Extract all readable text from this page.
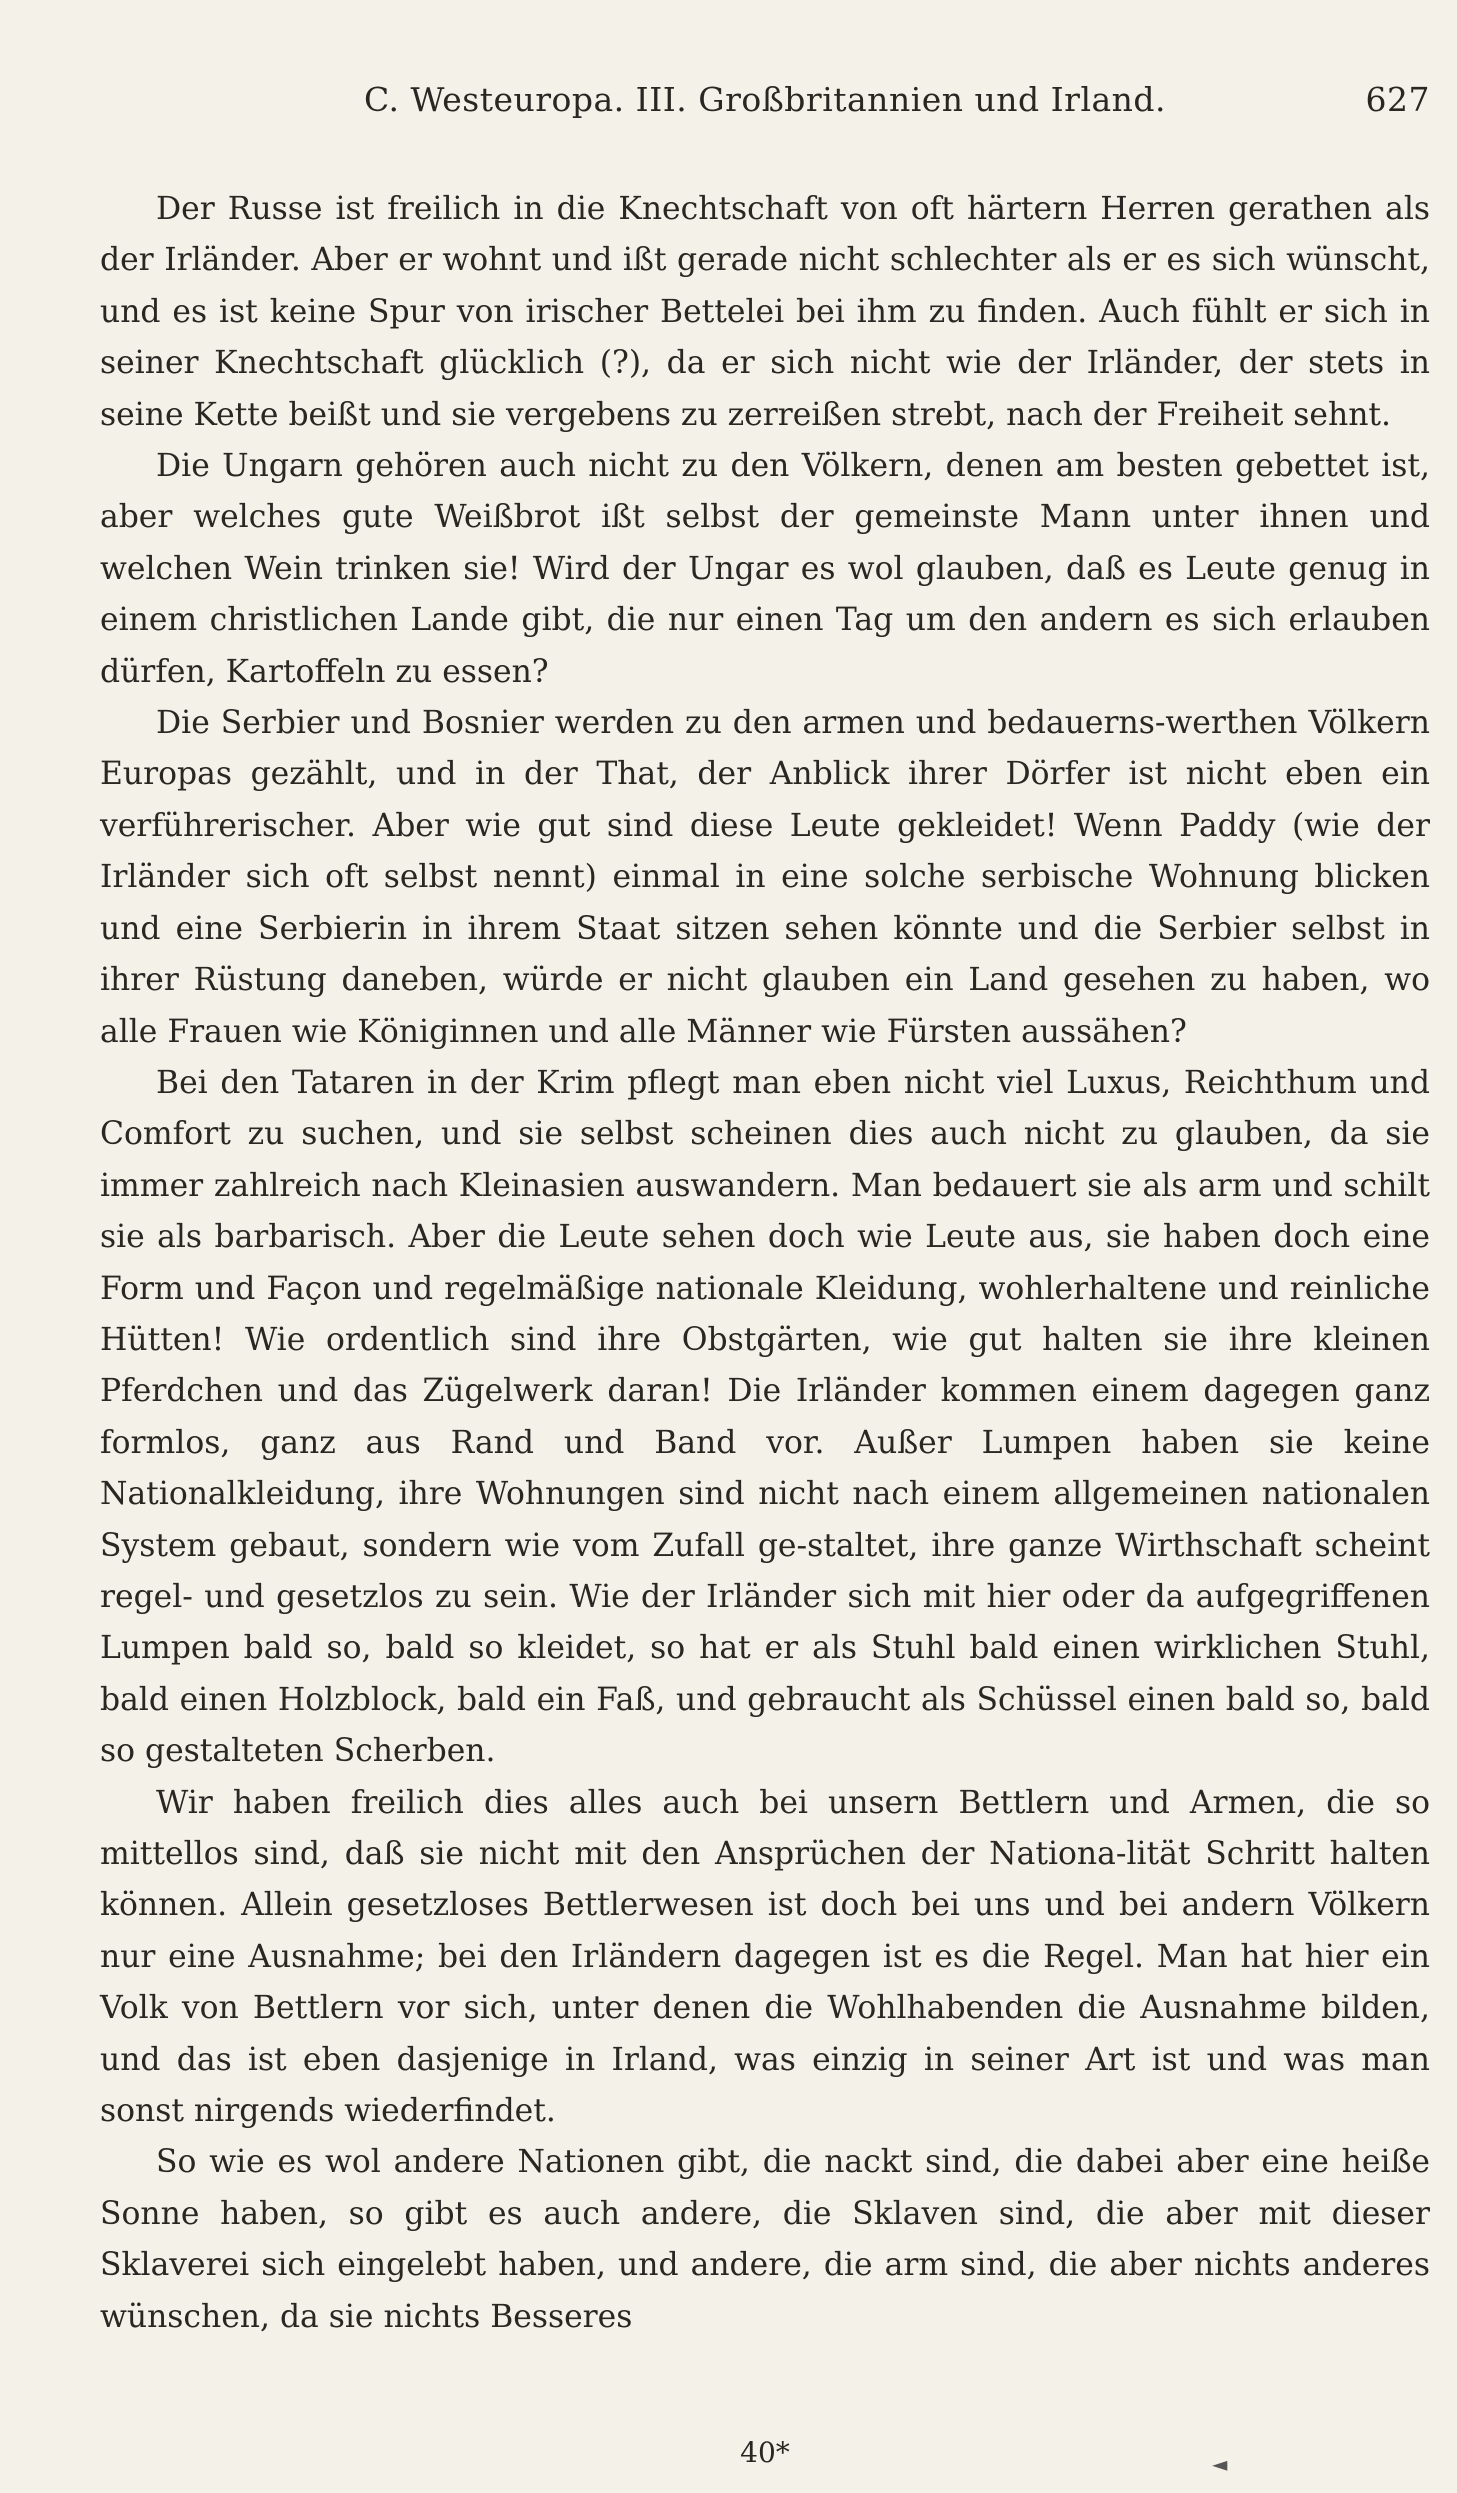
C. Westeuropa. III. Großbritannien und Irland.	627

Der Russe ist freilich in die Knechtschaft von oft härtern Herren gerathen als der Irländer. Aber er wohnt und ißt gerade nicht schlechter als er es sich wünscht, und es ist keine Spur von irischer Bettelei bei ihm zu finden. Auch fühlt er sich in seiner Knechtschaft glücklich (?), da er sich nicht wie der Irländer, der stets in seine Kette beißt und sie vergebens zu zerreißen strebt, nach der Freiheit sehnt.

Die Ungarn gehören auch nicht zu den Völkern, denen am besten gebettet ist, aber welches gute Weißbrot ißt selbst der gemeinste Mann unter ihnen und welchen Wein trinken sie! Wird der Ungar es wol glauben, daß es Leute genug in einem christlichen Lande gibt, die nur einen Tag um den andern es sich erlauben dürfen, Kartoffeln zu essen?

Die Serbier und Bosnier werden zu den armen und bedauerns-werthen Völkern Europas gezählt, und in der That, der Anblick ihrer Dörfer ist nicht eben ein verführerischer. Aber wie gut sind diese Leute gekleidet! Wenn Paddy (wie der Irländer sich oft selbst nennt) einmal in eine solche serbische Wohnung blicken und eine Serbierin in ihrem Staat sitzen sehen könnte und die Serbier selbst in ihrer Rüstung daneben, würde er nicht glauben ein Land gesehen zu haben, wo alle Frauen wie Königinnen und alle Männer wie Fürsten aussähen?

Bei den Tataren in der Krim pflegt man eben nicht viel Luxus, Reichthum und Comfort zu suchen, und sie selbst scheinen dies auch nicht zu glauben, da sie immer zahlreich nach Kleinasien auswandern. Man bedauert sie als arm und schilt sie als barbarisch. Aber die Leute sehen doch wie Leute aus, sie haben doch eine Form und Façon und regelmäßige nationale Kleidung, wohlerhaltene und reinliche Hütten! Wie ordentlich sind ihre Obstgärten, wie gut halten sie ihre kleinen Pferdchen und das Zügelwerk daran! Die Irländer kommen einem dagegen ganz formlos, ganz aus Rand und Band vor. Außer Lumpen haben sie keine Nationalkleidung, ihre Wohnungen sind nicht nach einem allgemeinen nationalen System gebaut, sondern wie vom Zufall ge-staltet, ihre ganze Wirthschaft scheint regel- und gesetzlos zu sein. Wie der Irländer sich mit hier oder da aufgegriffenen Lumpen bald so, bald so kleidet, so hat er als Stuhl bald einen wirklichen Stuhl, bald einen Holzblock, bald ein Faß, und gebraucht als Schüssel einen bald so, bald so gestalteten Scherben.

Wir haben freilich dies alles auch bei unsern Bettlern und Armen, die so mittellos sind, daß sie nicht mit den Ansprüchen der Nationa-lität Schritt halten können. Allein gesetzloses Bettlerwesen ist doch bei uns und bei andern Völkern nur eine Ausnahme; bei den Irländern dagegen ist es die Regel. Man hat hier ein Volk von Bettlern vor sich, unter denen die Wohlhabenden die Ausnahme bilden, und das ist eben dasjenige in Irland, was einzig in seiner Art ist und was man sonst nirgends wiederfindet.

So wie es wol andere Nationen gibt, die nackt sind, die dabei aber eine heiße Sonne haben, so gibt es auch andere, die Sklaven sind, die aber mit dieser Sklaverei sich eingelebt haben, und andere, die arm sind, die aber nichts anderes wünschen, da sie nichts Besseres

40*	◄
